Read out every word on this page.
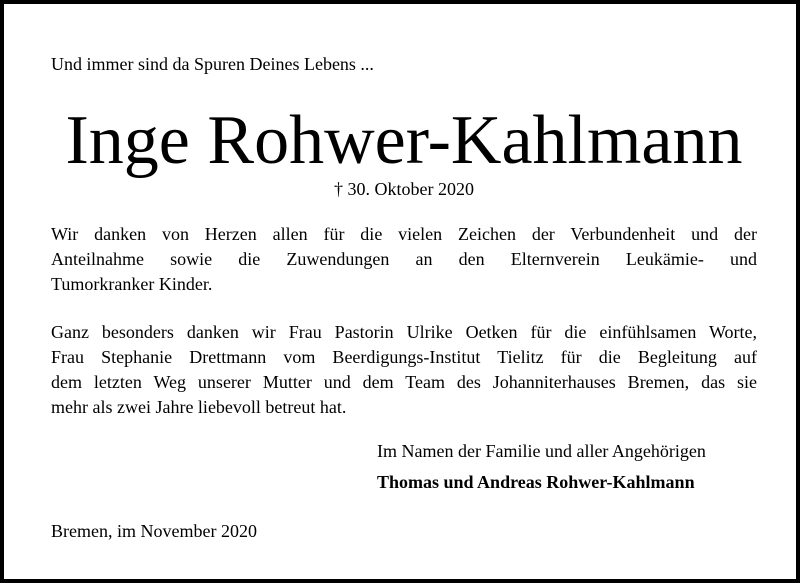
Und immer sind da Spuren Deines Lebens ...
Inge Rohwer-Kahlmann
† 30. Oktober 2020
Wir danken von Herzen allen für die vielen Zeichen der Verbundenheit und der
Anteilnahme sowie die Zuwendungen an den Elternverein Leukämie- und
Tumorkranker Kinder.
Ganz besonders danken wir Frau Pastorin Ulrike Oetken für die einfühlsamen Worte,
Frau Stephanie Drettmann vom Beerdigungs-Institut Tielitz für die Begleitung auf
dem letzten Weg unserer Mutter und dem Team des Johanniterhauses Bremen, das sie
mehr als zwei Jahre liebevoll betreut hat.
Im Namen der Familie und aller Angehörigen
Thomas und Andreas Rohwer-Kahlmann
Bremen, im November 2020
